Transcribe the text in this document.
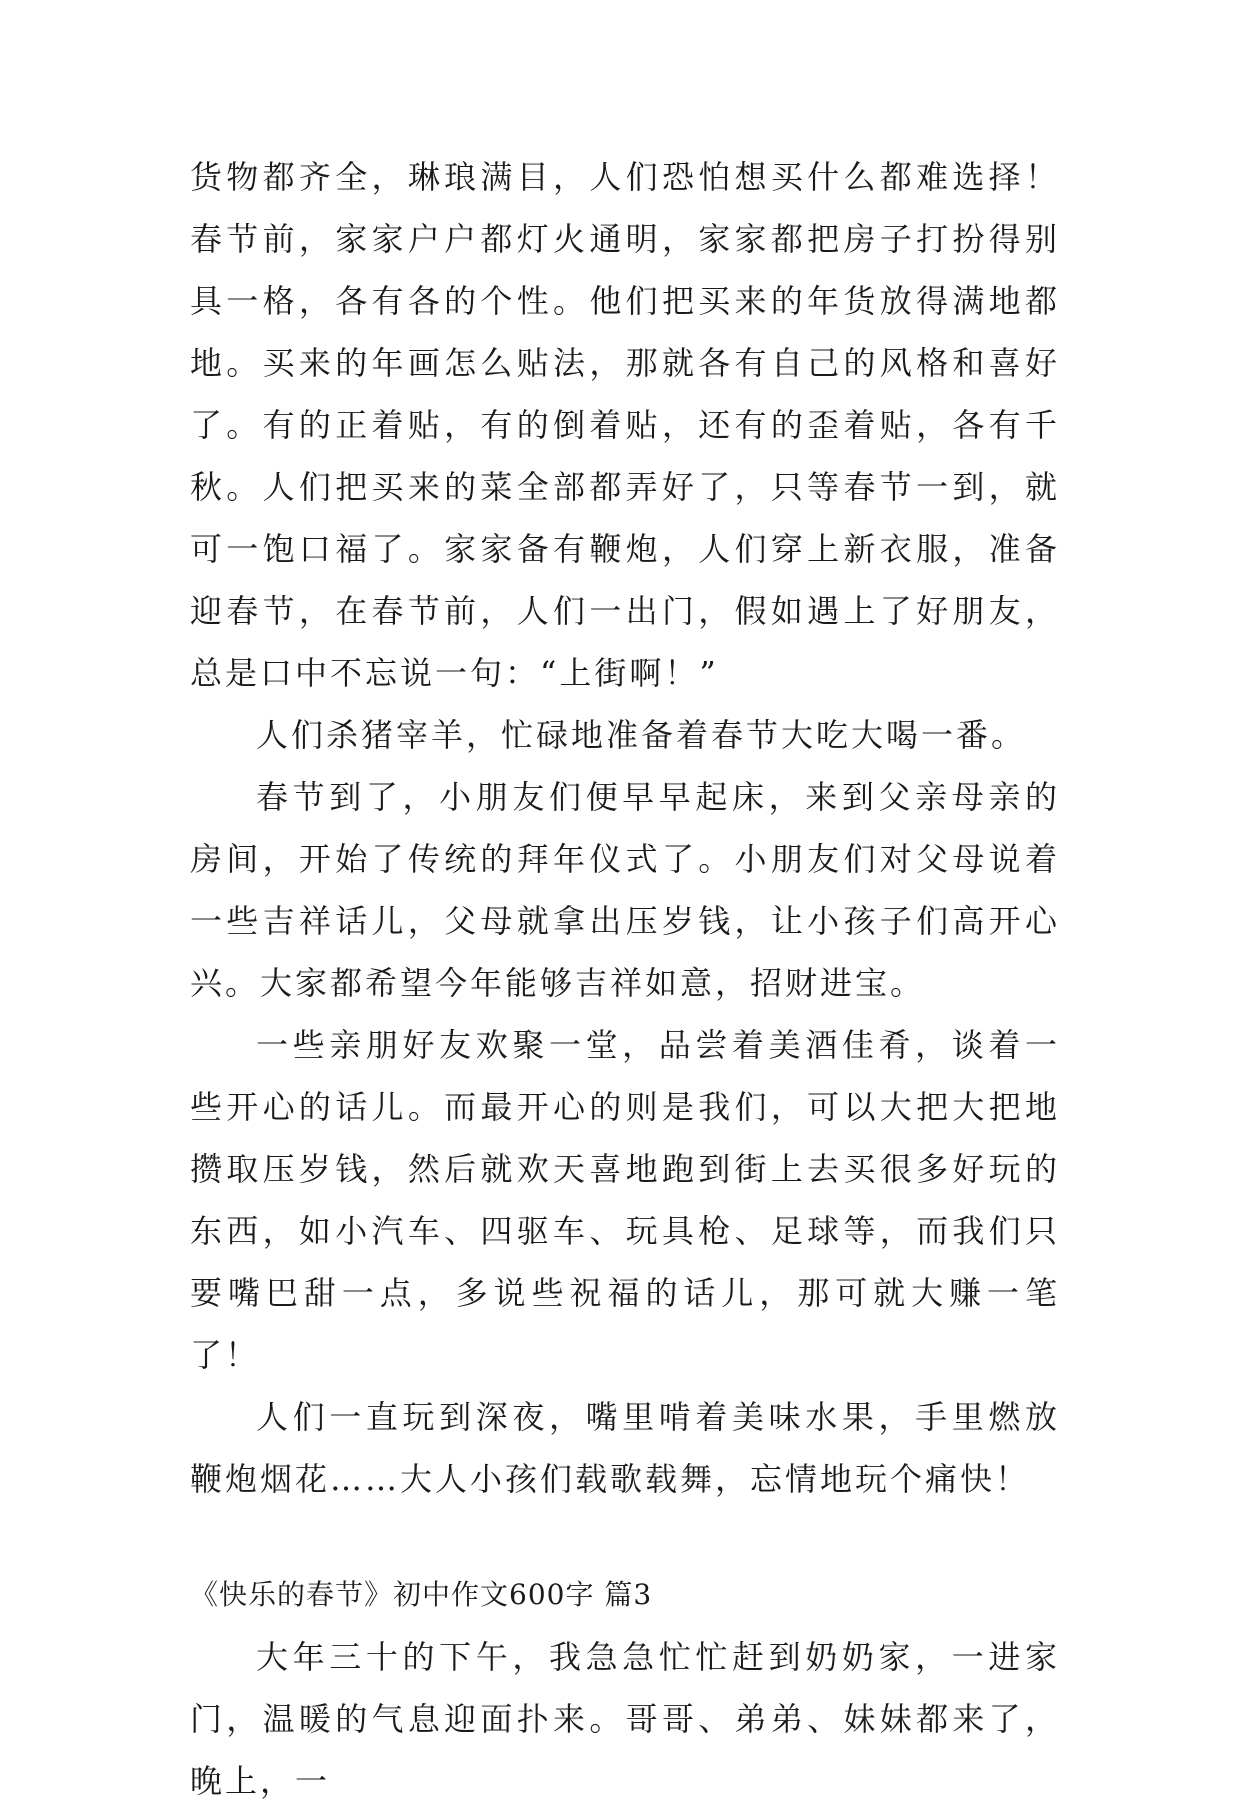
货物都齐全，琳琅满目，人们恐怕想买什么都难选择！春节前，家家户户都灯火通明，家家都把房子打扮得别具一格，各有各的个性。他们把买来的年货放得满地都地。买来的年画怎么贴法，那就各有自己的风格和喜好了。有的正着贴，有的倒着贴，还有的歪着贴，各有千秋。人们把买来的菜全部都弄好了，只等春节一到，就可一饱口福了。家家备有鞭炮，人们穿上新衣服，准备迎春节，在春节前，人们一出门，假如遇上了好朋友，总是口中不忘说一句：“上街啊！”

人们杀猪宰羊，忙碌地准备着春节大吃大喝一番。

春节到了，小朋友们便早早起床，来到父亲母亲的房间，开始了传统的拜年仪式了。小朋友们对父母说着一些吉祥话儿，父母就拿出压岁钱，让小孩子们高开心兴。大家都希望今年能够吉祥如意，招财进宝。

一些亲朋好友欢聚一堂，品尝着美酒佳肴，谈着一些开心的话儿。而最开心的则是我们，可以大把大把地攒取压岁钱，然后就欢天喜地跑到街上去买很多好玩的东西，如小汽车、四驱车、玩具枪、足球等，而我们只要嘴巴甜一点，多说些祝福的话儿，那可就大赚一笔了！

人们一直玩到深夜，嘴里啃着美味水果，手里燃放鞭炮烟花……大人小孩们载歌载舞，忘情地玩个痛快！

《快乐的春节》初中作文600字 篇3

大年三十的下午，我急急忙忙赶到奶奶家，一进家门，温暖的气息迎面扑来。哥哥、弟弟、妹妹都来了，晚上，一
